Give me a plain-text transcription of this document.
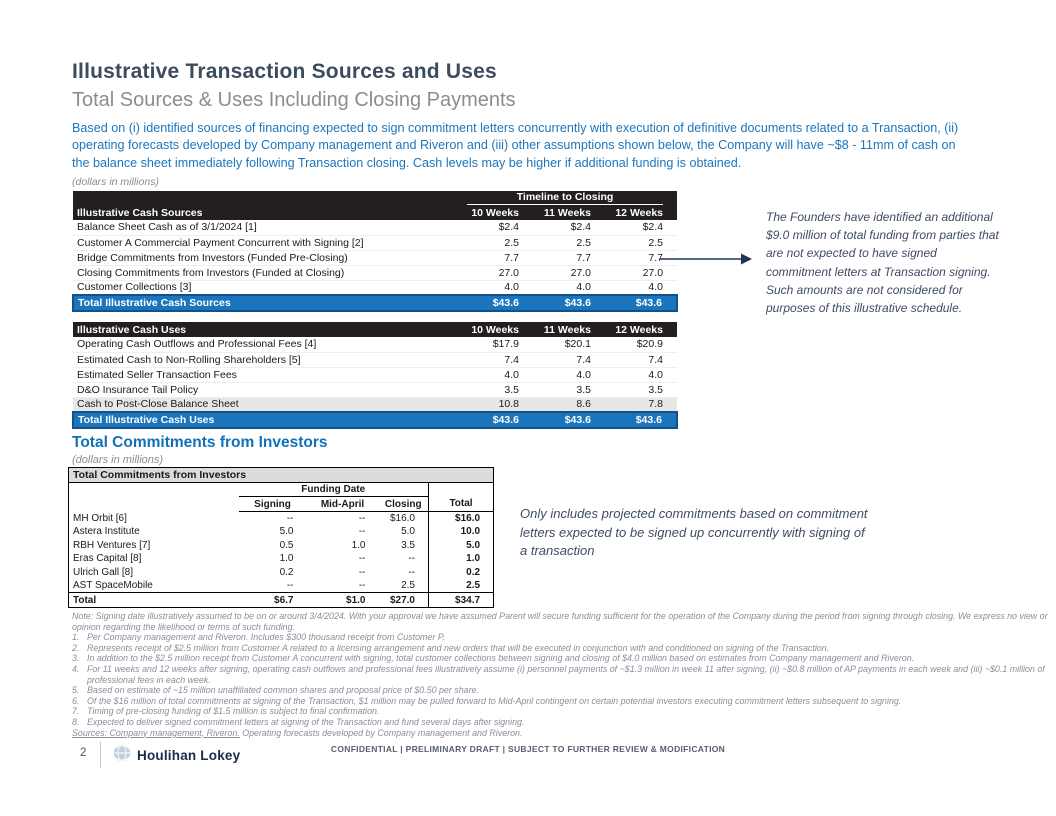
Illustrative Transaction Sources and Uses
Total Sources & Uses Including Closing Payments
Based on (i) identified sources of financing expected to sign commitment letters concurrently with execution of definitive documents related to a Transaction, (ii) operating forecasts developed by Company management and Riveron and (iii) other assumptions shown below, the Company will have ~$8 - 11mm of cash on the balance sheet immediately following Transaction closing. Cash levels may be higher if additional funding is obtained.
(dollars in millions)

	Timeline to Closing		

Illustrative Cash Sources	10 Weeks	11 Weeks	12 Weeks
Balance Sheet Cash as of 3/1/2024 [1]	$2.4	$2.4	$2.4
Customer A Commercial Payment Concurrent with Signing [2]	2.5	2.5	2.5
Bridge Commitments from Investors (Funded Pre-Closing)	7.7	7.7	7.7
Closing Commitments from Investors (Funded at Closing)	27.0	27.0	27.0
Customer Collections [3]	4.0	4.0	4.0
Total Illustrative Cash Sources	$43.6	$43.6	$43.6
The Founders have identified an additional $9.0 million of total funding from parties that are not expected to have signed commitment letters at Transaction signing. Such amounts are not considered for purposes of this illustrative schedule.
Illustrative Cash Uses	10 Weeks	11 Weeks	12 Weeks
Operating Cash Outflows and Professional Fees [4]	$17.9	$20.1	$20.9
Estimated Cash to Non-Rolling Shareholders [5]	7.4	7.4	7.4
Estimated Seller Transaction Fees	4.0	4.0	4.0
D&O Insurance Tail Policy	3.5	3.5	3.5
Cash to Post-Close Balance Sheet	10.8	8.6	7.8
Total Illustrative Cash Uses	$43.6	$43.6	$43.6
Total Commitments from Investors
(dollars in millions)
Total Commitments from Investors				
	Funding Date			
	Signing	Mid-April	Closing	Total
MH Orbit [6]	--	--	$16.0	$16.0
Astera Institute	5.0	--	5.0	10.0
RBH Ventures [7]	0.5	1.0	3.5	5.0
Eras Capital [8]	1.0	--	--	1.0
Ulrich Gall [8]	0.2	--	--	0.2
AST SpaceMobile	--	--	2.5	2.5
Total	$6.7	$1.0	$27.0	$34.7
Only includes projected commitments based on commitment letters expected to be signed up concurrently with signing of a transaction
Note: Signing date illustratively assumed to be on or around 3/4/2024. With your approval we have assumed Parent will secure funding sufficient for the operation of the Company during the period from signing through closing. We express no view or opinion regarding the likelihood or terms of such funding.
1. Per Company management and Riveron. Includes $300 thousand receipt from Customer P.
2. Represents receipt of $2.5 million from Customer A related to a licensing arrangement and new orders that will be executed in conjunction with and conditioned on signing of the Transaction.
3. In addition to the $2.5 million receipt from Customer A concurrent with signing, total customer collections between signing and closing of $4.0 million based on estimates from Company management and Riveron.
4. For 11 weeks and 12 weeks after signing, operating cash outflows and professional fees illustratively assume (i) personnel payments of ~$1.3 million in week 11 after signing, (ii) ~$0.8 million of AP payments in each week and (iii) ~$0.1 million of professional fees in each week.
5. Based on estimate of ~15 million unaffiliated common shares and proposal price of $0.50 per share.
6. Of the $16 million of total commitments at signing of the Transaction, $1 million may be pulled forward to Mid-April contingent on certain potential investors executing commitment letters subsequent to signing.
7. Timing of pre-closing funding of $1.5 million is subject to final confirmation.
8. Expected to deliver signed commitment letters at signing of the Transaction and fund several days after signing.
Sources: Company management, Riveron. Operating forecasts developed by Company management and Riveron.
2	Houlihan Lokey	CONFIDENTIAL | PRELIMINARY DRAFT | SUBJECT TO FURTHER REVIEW & MODIFICATION
